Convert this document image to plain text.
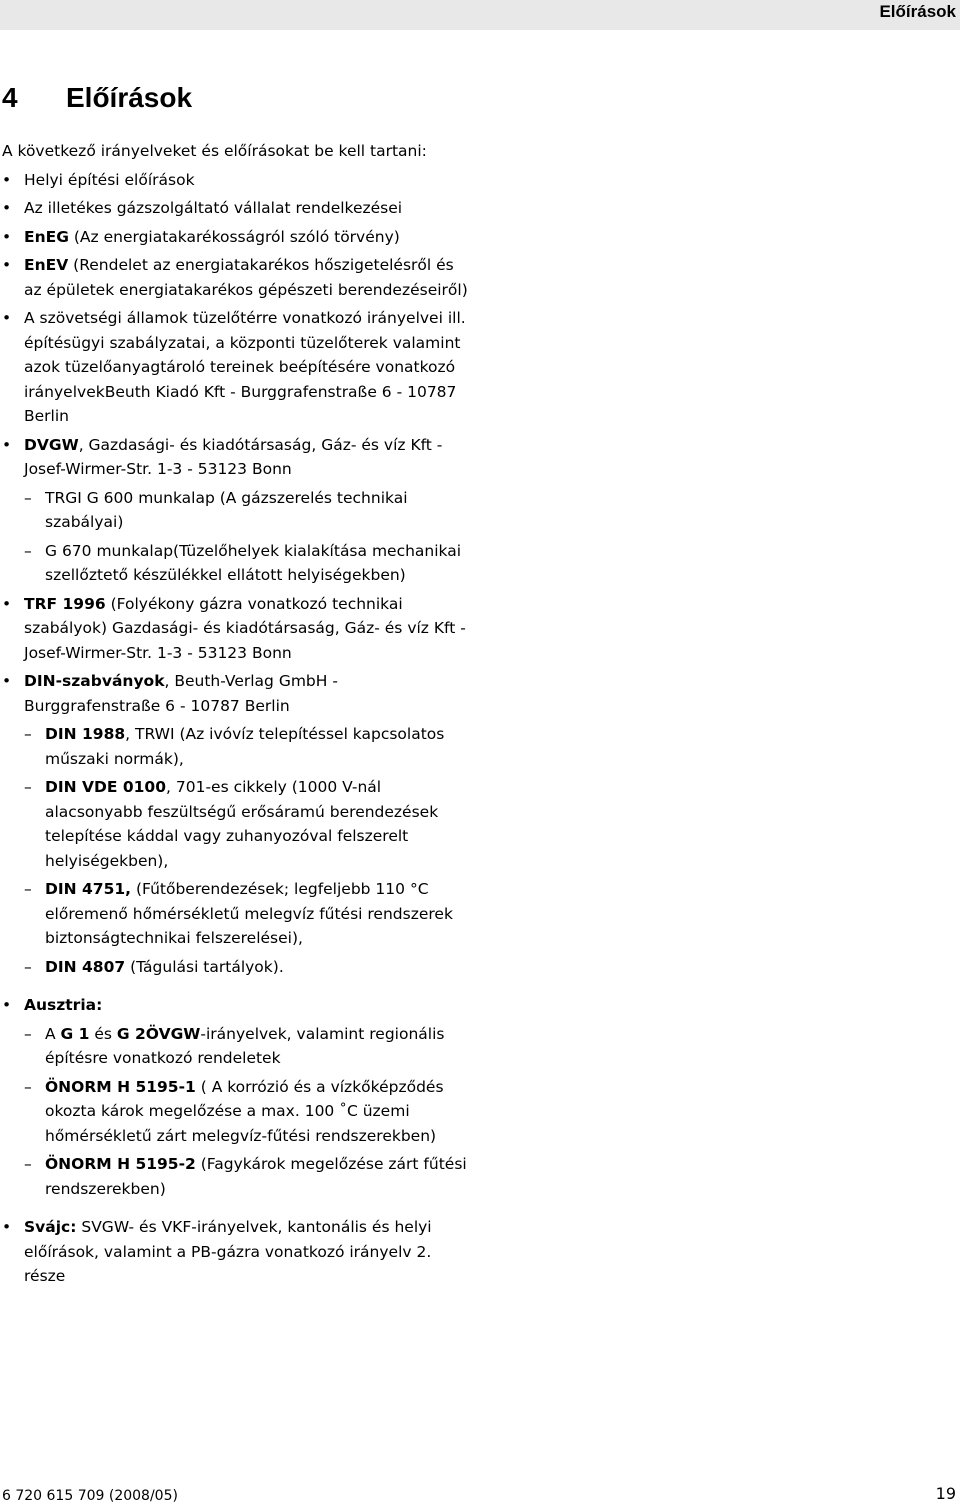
Előírások
4 Előírások

A következő irányelveket és előírásokat be kell tartani:

• Helyi építési előírások
• Az illetékes gázszolgáltató vállalat rendelkezései
• EnEG (Az energiatakarékosságról szóló törvény)
• EnEV (Rendelet az energiatakarékos hőszigetelésről és az épületek energiatakarékos gépészeti berendezéseiről)
• A szövetségi államok tüzelőtérre vonatkozó irányelvei ill. építésügyi szabályzatai, a központi tüzelőterek valamint azok tüzelőanyagtároló tereinek beépítésére vonatkozó irányelvekBeuth Kiadó Kft - Burggrafenstraße 6 - 10787 Berlin
• DVGW, Gazdasági- és kiadótársaság, Gáz- és víz Kft - Josef-Wirmer-Str. 1-3 - 53123 Bonn
– TRGI G 600 munkalap (A gázszerelés technikai szabályai)
– G 670 munkalap(Tüzelőhelyek kialakítása mechanikai szellőztető készülékkel ellátott helyiségekben)
• TRF 1996 (Folyékony gázra vonatkozó technikai szabályok) Gazdasági- és kiadótársaság, Gáz- és víz Kft - Josef-Wirmer-Str. 1-3 - 53123 Bonn
• DIN-szabványok, Beuth-Verlag GmbH - Burggrafenstraße 6 - 10787 Berlin
– DIN 1988, TRWI (Az ivóvíz telepítéssel kapcsolatos műszaki normák),
– DIN VDE 0100, 701-es cikkely (1000 V-nál alacsonyabb feszültségű erősáramú berendezések telepítése káddal vagy zuhanyozóval felszerelt helyiségekben),
– DIN 4751, (Fűtőberendezések; legfeljebb 110 °C előremenő hőmérsékletű melegvíz fűtési rendszerek biztonságtechnikai felszerelései),
– DIN 4807 (Tágulási tartályok).
• Ausztria:
– A G 1 és G 2ÖVGW-irányelvek, valamint regionális építésre vonatkozó rendeletek
– ÖNORM H 5195-1 ( A korrózió és a vízkőképződés okozta károk megelőzése a max. 100 ˚C üzemi hőmérsékletű zárt melegvíz-fűtési rendszerekben)
– ÖNORM H 5195-2 (Fagykárok megelőzése zárt fűtési rendszerekben)
• Svájc: SVGW- és VKF-irányelvek, kantonális és helyi előírások, valamint a PB-gázra vonatkozó irányelv 2. része
6 720 615 709 (2008/05)	19
